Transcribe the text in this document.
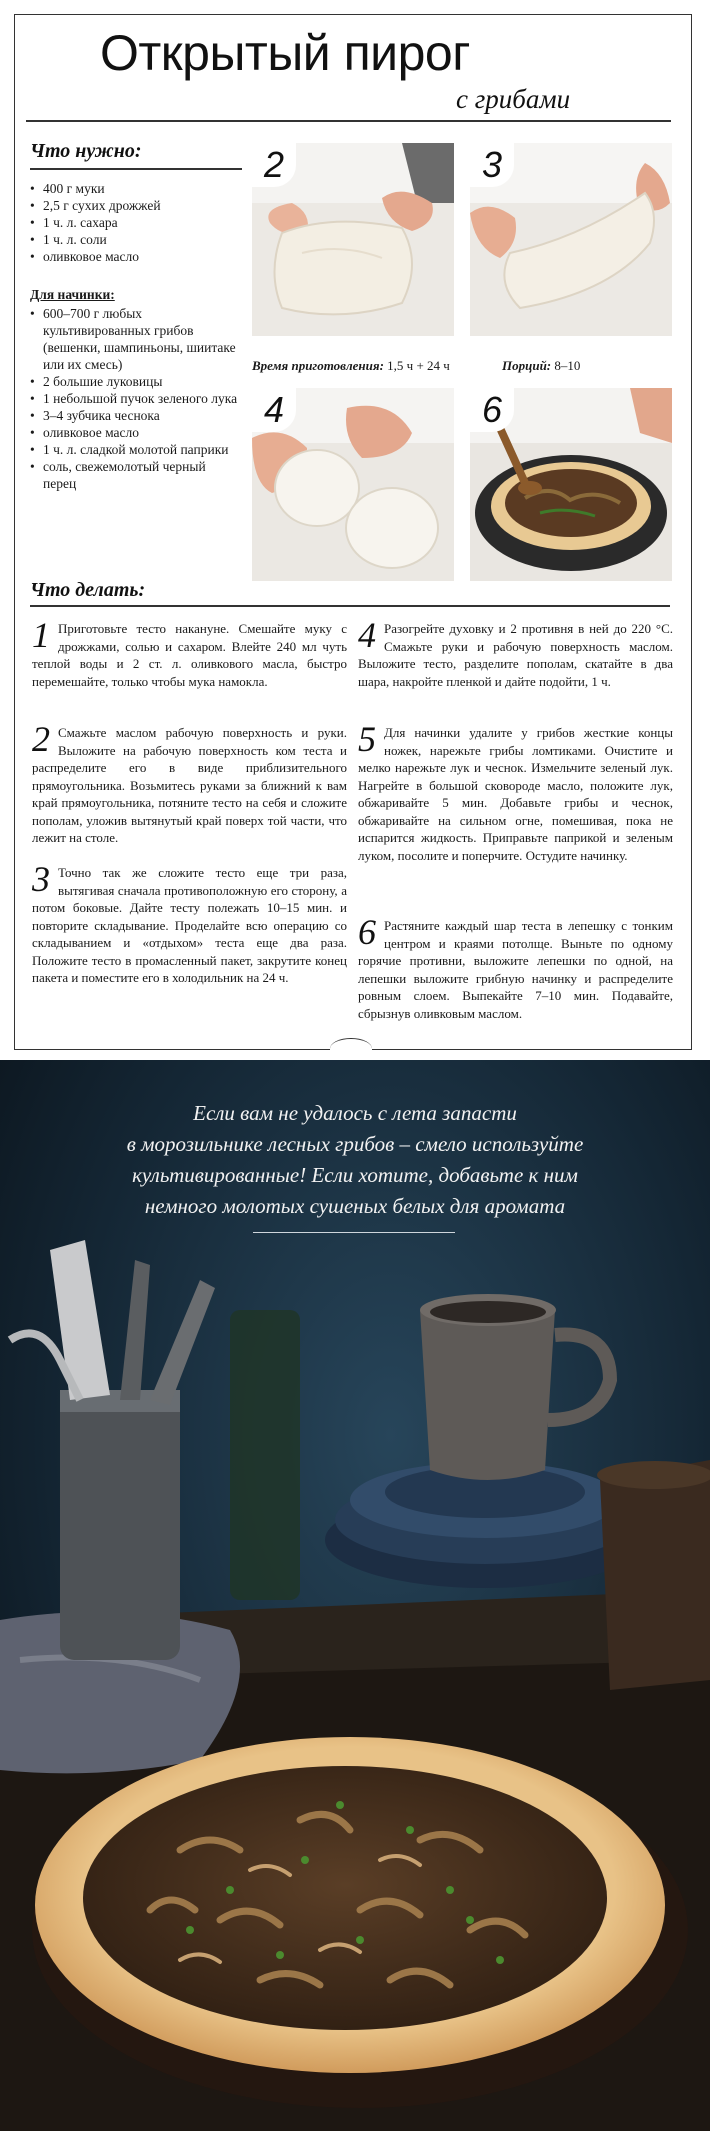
Открытый пирог
с грибами
Что нужно:
• 400 г муки
• 2,5 г сухих дрожжей
• 1 ч. л. сахара
• 1 ч. л. соли
• оливковое масло
Для начинки:
• 600–700 г любых культивированных грибов (вешенки, шампиньоны, шиитаке или их смесь)
• 2 большие луковицы
• 1 небольшой пучок зеленого лука
• 3–4 зубчика чеснока
• оливковое масло
• 1 ч. л. сладкой молотой паприки
• соль, свежемолотый черный перец
2	3
Время приготовления: 1,5 ч + 24 ч	Порций: 8–10
4	6
Что делать:
1 Приготовьте тесто накануне. Смешайте муку с дрожжами, солью и сахаром. Влейте 240 мл чуть теплой воды и 2 ст. л. оливкового масла, быстро перемешайте, только чтобы мука намокла.
2 Смажьте маслом рабочую поверхность и руки. Выложите на рабочую поверхность ком теста и распределите его в виде приблизительного прямоугольника. Возьмитесь руками за ближний к вам край прямоугольника, потяните тесто на себя и сложите пополам, уложив вытянутый край поверх той части, что лежит на столе.
3 Точно так же сложите тесто еще три раза, вытягивая сначала противоположную его сторону, а потом боковые. Дайте тесту полежать 10–15 мин. и повторите складывание. Проделайте всю операцию со складыванием и «отдыхом» теста еще два раза. Положите тесто в промасленный пакет, закрутите конец пакета и поместите его в холодильник на 24 ч.
4 Разогрейте духовку и 2 противня в ней до 220 °С. Смажьте руки и рабочую поверхность маслом. Выложите тесто, разделите пополам, скатайте в два шара, накройте пленкой и дайте подойти, 1 ч.
5 Для начинки удалите у грибов жесткие концы ножек, нарежьте грибы ломтиками. Очистите и мелко нарежьте лук и чеснок. Измельчите зеленый лук. Нагрейте в большой сковороде масло, положите лук, обжаривайте 5 мин. Добавьте грибы и чеснок, обжаривайте на сильном огне, помешивая, пока не испарится жидкость. Приправьте паприкой и зеленым луком, посолите и поперчите. Остудите начинку.
6 Растяните каждый шар теста в лепешку с тонким центром и краями потолще. Выньте по одному горячие противни, выложите лепешки по одной, на лепешки выложите грибную начинку и распределите ровным слоем. Выпекайте 7–10 мин. Подавайте, сбрызнув оливковым маслом.
Если вам не удалось с лета запасти
в морозильнике лесных грибов – смело используйте
культивированные! Если хотите, добавьте к ним
немного молотых сушеных белых для аромата
